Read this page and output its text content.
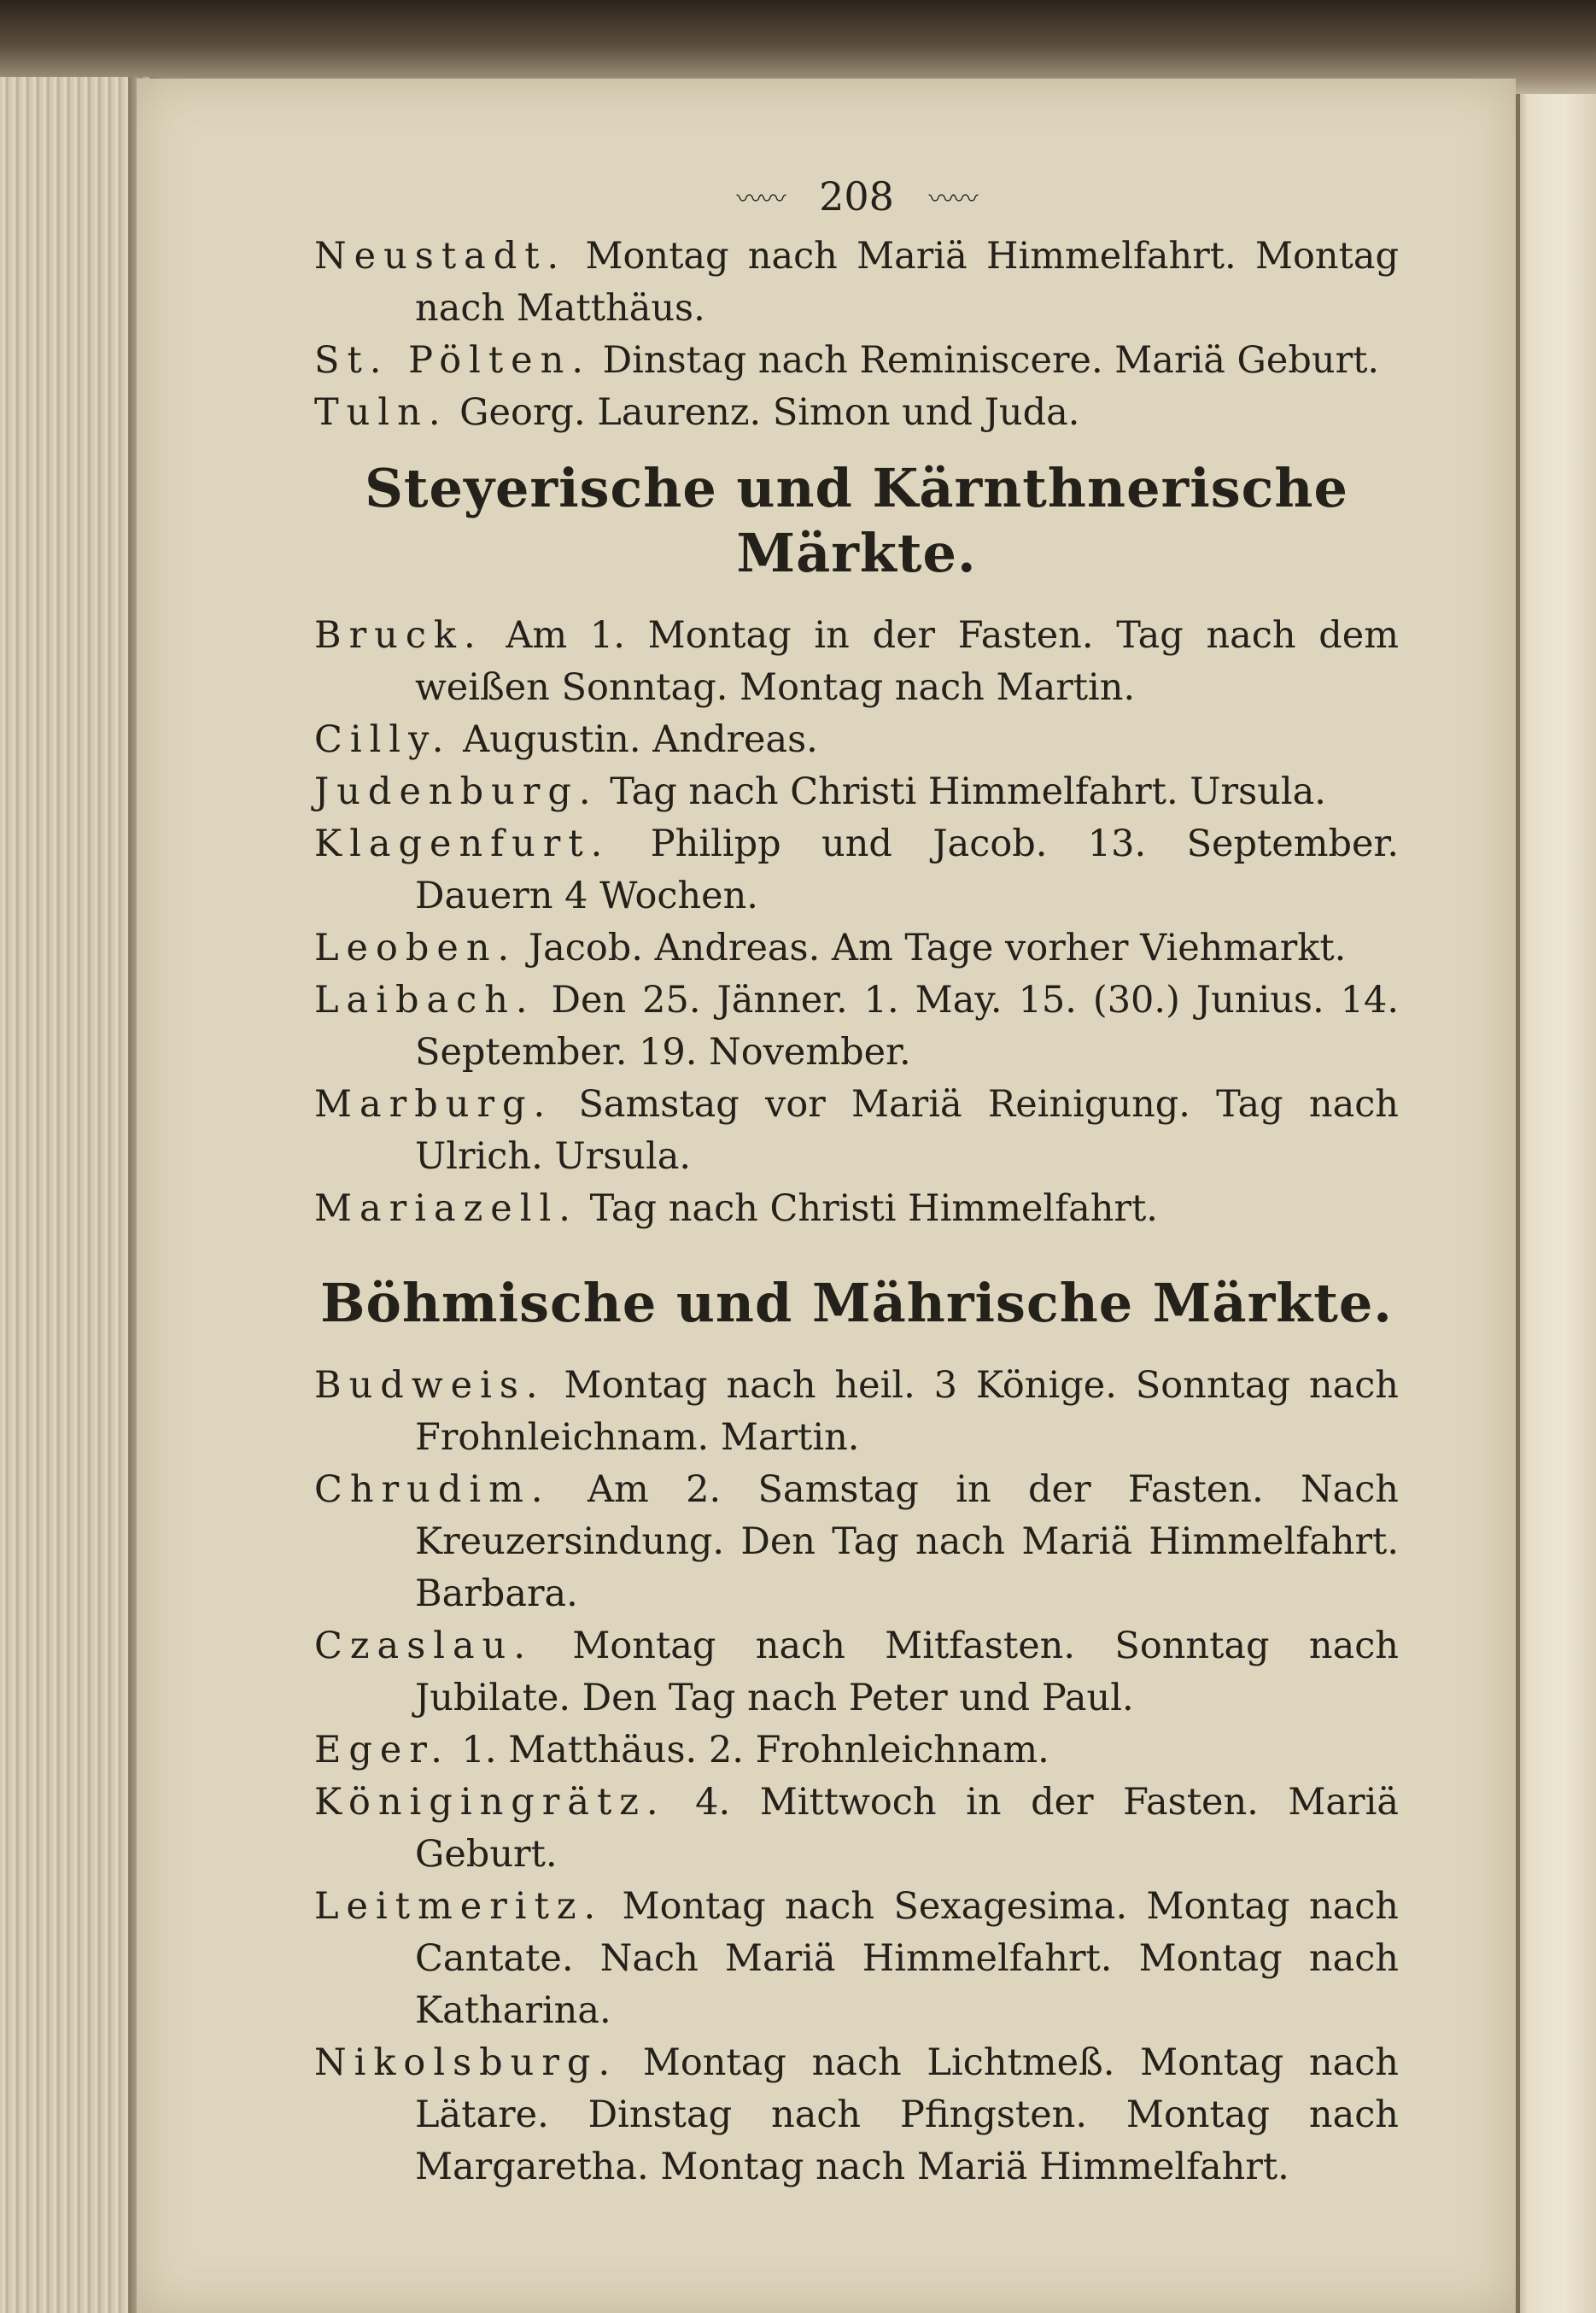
〰〰 208 〰〰
Neustadt. Montag nach Mariä Himmelfahrt. Montag nach Matthäus.
St. Pölten. Dinstag nach Reminiscere. Mariä Geburt.
Tuln. Georg. Laurenz. Simon und Juda.
Steyerische und Kärnthnerische Märkte.
Bruck. Am 1. Montag in der Fasten. Tag nach dem weißen Sonntag. Montag nach Martin.
Cilly. Augustin. Andreas.
Judenburg. Tag nach Christi Himmelfahrt. Ursula.
Klagenfurt. Philipp und Jacob. 13. September. Dauern 4 Wochen.
Leoben. Jacob. Andreas. Am Tage vorher Viehmarkt.
Laibach. Den 25. Jänner. 1. May. 15. (30.) Junius. 14. September. 19. November.
Marburg. Samstag vor Mariä Reinigung. Tag nach Ulrich. Ursula.
Mariazell. Tag nach Christi Himmelfahrt.
Böhmische und Mährische Märkte.
Budweis. Montag nach heil. 3 Könige. Sonntag nach Frohnleichnam. Martin.
Chrudim. Am 2. Samstag in der Fasten. Nach Kreuzersindung. Den Tag nach Mariä Himmelfahrt. Barbara.
Czaslau. Montag nach Mitfasten. Sonntag nach Jubilate. Den Tag nach Peter und Paul.
Eger. 1. Matthäus. 2. Frohnleichnam.
Königingrätz. 4. Mittwoch in der Fasten. Mariä Geburt.
Leitmeritz. Montag nach Sexagesima. Montag nach Cantate. Nach Mariä Himmelfahrt. Montag nach Katharina.
Nikolsburg. Montag nach Lichtmeß. Montag nach Lätare. Dinstag nach Pfingsten. Montag nach Margaretha. Montag nach Mariä Himmelfahrt.
